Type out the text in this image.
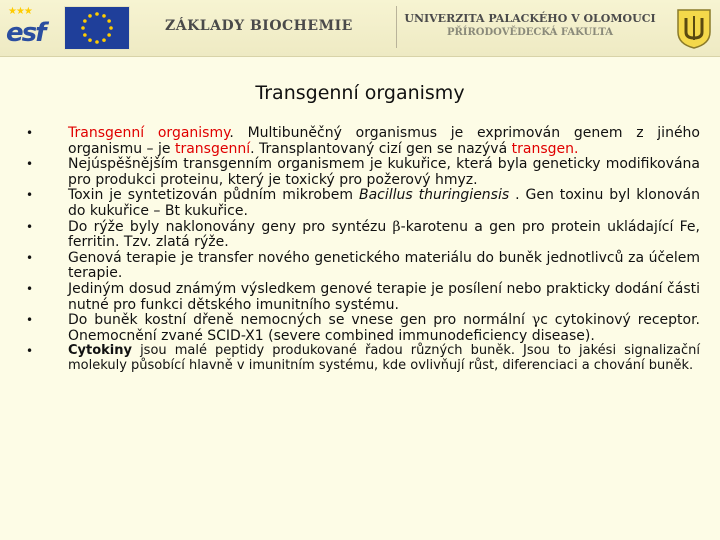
★★★
esf	ZÁKLADY BIOCHEMIE	UNIVERZITA PALACKÉHO V OLOMOUCI
PŘÍRODOVĚDECKÁ FAKULTA
Transgenní organismy
• Transgenní organismy. Multibuněčný organismus je exprimován genem z jiného organismu – je transgenní. Transplantovaný cizí gen se nazývá transgen.
• Nejúspěšnějším transgenním organismem je kukuřice, která byla geneticky modifikována pro produkci proteinu, který je toxický pro požerový hmyz.
• Toxin je syntetizován půdním mikrobem Bacillus thuringiensis . Gen toxinu byl klonován do kukuřice – Bt kukuřice.
• Do rýže byly naklonovány geny pro syntézu β-karotenu a gen pro protein ukládající Fe, ferritin. Tzv. zlatá rýže.
• Genová terapie je transfer nového genetického materiálu do buněk jednotlivců za účelem terapie.
• Jediným dosud známým výsledkem genové terapie je posílení nebo prakticky dodání části nutné pro funkci dětského imunitního systému.
• Do buněk kostní dřeně nemocných se vnese gen pro normální γc cytokinový receptor. Onemocnění zvané SCID-X1 (severe combined immunodeficiency disease).
• Cytokiny jsou malé peptidy produkované řadou různých buněk. Jsou to jakési signalizační molekuly působící hlavně v imunitním systému, kde ovlivňují růst, diferenciaci a chování buněk.
